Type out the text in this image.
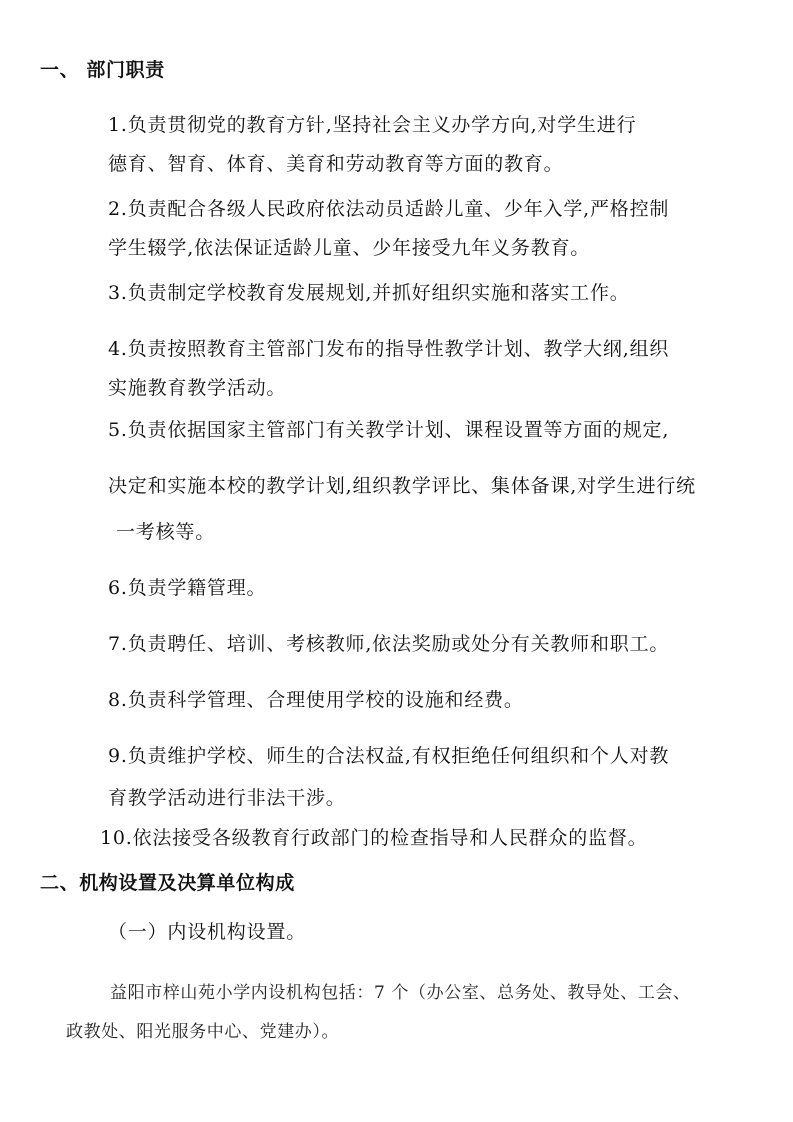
一、 部门职责
1.负责贯彻党的教育方针,坚持社会主义办学方向,对学生进行
德育、智育、体育、美育和劳动教育等方面的教育。
2.负责配合各级人民政府依法动员适龄儿童、少年入学,严格控制
学生辍学,依法保证适龄儿童、少年接受九年义务教育。
3.负责制定学校教育发展规划,并抓好组织实施和落实工作。
4.负责按照教育主管部门发布的指导性教学计划、教学大纲,组织
实施教育教学活动。
5.负责依据国家主管部门有关教学计划、课程设置等方面的规定,
决定和实施本校的教学计划,组织教学评比、集体备课,对学生进行统
一考核等。
6.负责学籍管理。
7.负责聘任、培训、考核教师,依法奖励或处分有关教师和职工。
8.负责科学管理、合理使用学校的设施和经费。
9.负责维护学校、师生的合法权益,有权拒绝任何组织和个人对教
育教学活动进行非法干涉。
10.依法接受各级教育行政部门的检查指导和人民群众的监督。
二、机构设置及决算单位构成
（一）内设机构设置。
益阳市梓山苑小学内设机构包括：7 个（办公室、总务处、教导处、工会、
政教处、阳光服务中心、党建办）。
